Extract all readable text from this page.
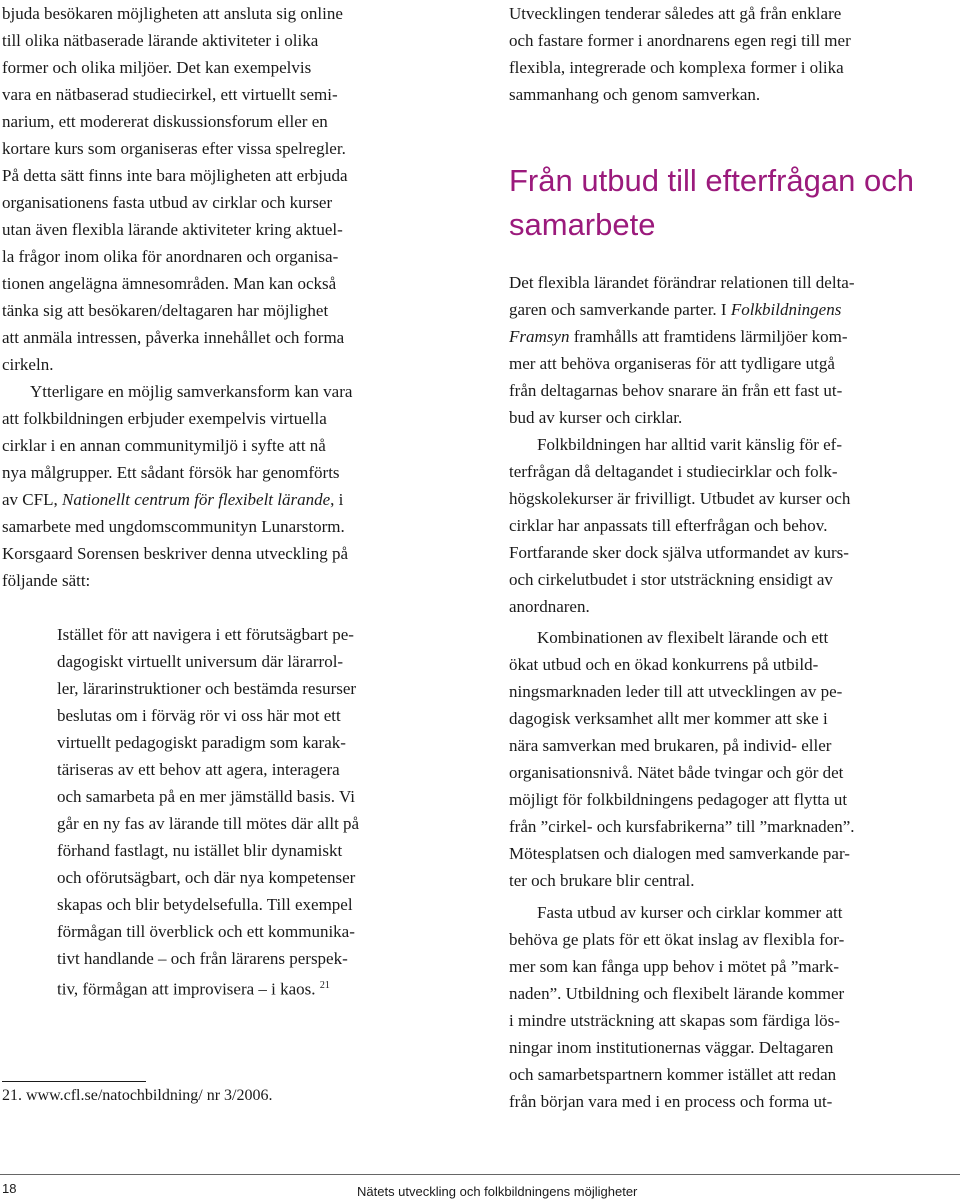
bjuda besökaren möjligheten att ansluta sig online
till olika nätbaserade lärande aktiviteter i olika
former och olika miljöer. Det kan exempelvis
vara en nätbaserad studiecirkel, ett virtuellt semi-
narium, ett modererat diskussionsforum eller en
kortare kurs som organiseras efter vissa spelregler.
På detta sätt finns inte bara möjligheten att erbjuda
organisationens fasta utbud av cirklar och kurser
utan även flexibla lärande aktiviteter kring aktuel-
la frågor inom olika för anordnaren och organisa-
tionen angelägna ämnesområden. Man kan också
tänka sig att besökaren/deltagaren har möjlighet
att anmäla intressen, påverka innehållet och forma
cirkeln.
Ytterligare en möjlig samverkansform kan vara
att folkbildningen erbjuder exempelvis virtuella
cirklar i en annan communitymiljö i syfte att nå
nya målgrupper. Ett sådant försök har genomförts
av CFL, Nationellt centrum för flexibelt lärande, i
samarbete med ungdomscommunityn Lunarstorm.
Korsgaard Sorensen beskriver denna utveckling på
följande sätt:
Istället för att navigera i ett förutsägbart pe-
dagogiskt virtuellt universum där lärarrol-
ler, lärarinstruktioner och bestämda resurser
beslutas om i förväg rör vi oss här mot ett
virtuellt pedagogiskt paradigm som karak-
täriseras av ett behov att agera, interagera
och samarbeta på en mer jämställd basis. Vi
går en ny fas av lärande till mötes där allt på
förhand fastlagt, nu istället blir dynamiskt
och oförutsägbart, och där nya kompetenser
skapas och blir betydelsefulla. Till exempel
förmågan till överblick och ett kommunika-
tivt handlande – och från lärarens perspek-
tiv, förmågan att improvisera – i kaos. $^{21}$
21. www.cfl.se/natochbildning/ nr 3/2006.
Utvecklingen tenderar således att gå från enklare
och fastare former i anordnarens egen regi till mer
flexibla, integrerade och komplexa former i olika
sammanhang och genom samverkan.
Från utbud till efterfrågan och
samarbete
Det flexibla lärandet förändrar relationen till delta-
garen och samverkande parter. I Folkbildningens
Framsyn framhålls att framtidens lärmiljöer kom-
mer att behöva organiseras för att tydligare utgå
från deltagarnas behov snarare än från ett fast ut-
bud av kurser och cirklar.
Folkbildningen har alltid varit känslig för ef-
terfrågan då deltagandet i studiecirklar och folk-
högskolekurser är frivilligt. Utbudet av kurser och
cirklar har anpassats till efterfrågan och behov.
Fortfarande sker dock själva utformandet av kurs-
och cirkelutbudet i stor utsträckning ensidigt av
anordnaren.
Kombinationen av flexibelt lärande och ett
ökat utbud och en ökad konkurrens på utbild-
ningsmarknaden leder till att utvecklingen av pe-
dagogisk verksamhet allt mer kommer att ske i
nära samverkan med brukaren, på individ- eller
organisationsnivå. Nätet både tvingar och gör det
möjligt för folkbildningens pedagoger att flytta ut
från ”cirkel- och kursfabrikerna” till ”marknaden”.
Mötesplatsen och dialogen med samverkande par-
ter och brukare blir central.
Fasta utbud av kurser och cirklar kommer att
behöva ge plats för ett ökat inslag av flexibla for-
mer som kan fånga upp behov i mötet på ”mark-
naden”. Utbildning och flexibelt lärande kommer
i mindre utsträckning att skapas som färdiga lös-
ningar inom institutionernas väggar. Deltagaren
och samarbetspartnern kommer istället att redan
från början vara med i en process och forma ut-
18	Nätets utveckling och folkbildningens möjligheter
